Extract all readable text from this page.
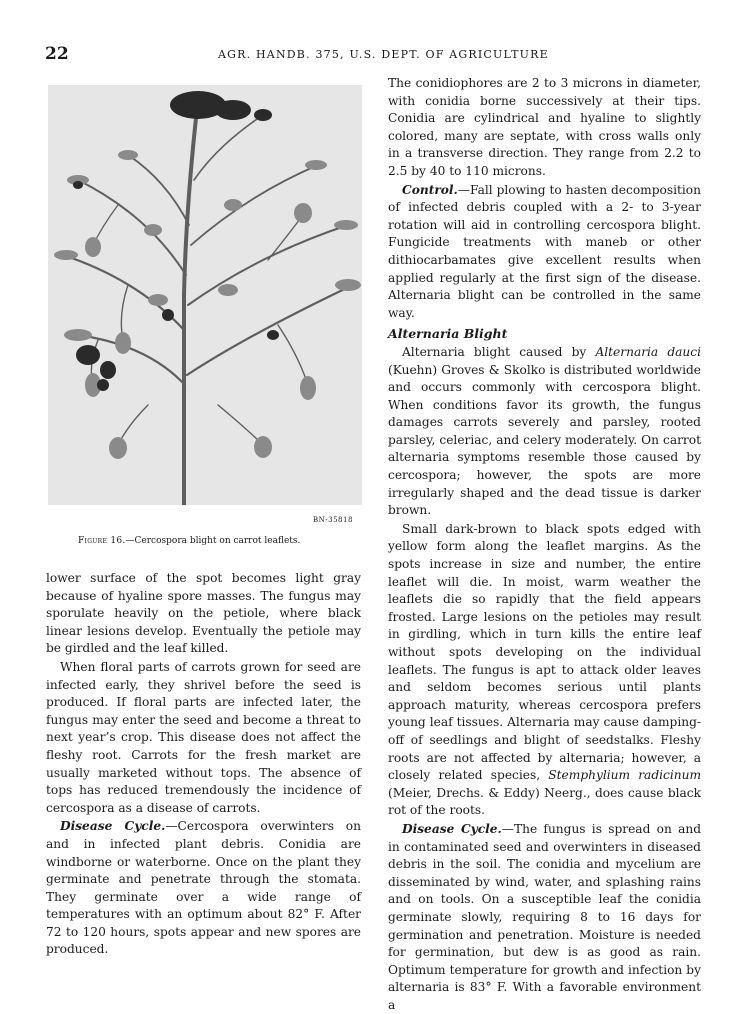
22	AGR. HANDB. 375, U.S. DEPT. OF AGRICULTURE
BN-35818
Figure 16.—Cercospora blight on carrot leaflets.

lower surface of the spot becomes light gray because of hyaline spore masses. The fungus may sporulate heavily on the petiole, where black linear lesions develop. Eventually the petiole may be girdled and the leaf killed.

When floral parts of carrots grown for seed are infected early, they shrivel before the seed is produced. If floral parts are infected later, the fungus may enter the seed and become a threat to next year’s crop. This disease does not affect the fleshy root. Carrots for the fresh market are usually marketed without tops. The absence of tops has reduced tremendously the incidence of cercospora as a disease of carrots.

Disease Cycle.—Cercospora overwinters on and in infected plant debris. Conidia are windborne or waterborne. Once on the plant they germinate and penetrate through the stomata. They germinate over a wide range of temperatures with an optimum about 82° F. After 72 to 120 hours, spots appear and new spores are produced.

The conidiophores are 2 to 3 microns in diameter, with conidia borne successively at their tips. Conidia are cylindrical and hyaline to slightly colored, many are septate, with cross walls only in a transverse direction. They range from 2.2 to 2.5 by 40 to 110 microns.

Control.—Fall plowing to hasten decomposition of infected debris coupled with a 2- to 3-year rotation will aid in controlling cercospora blight. Fungicide treatments with maneb or other dithiocarbamates give excellent results when applied regularly at the first sign of the disease. Alternaria blight can be controlled in the same way.

Alternaria Blight

Alternaria blight caused by Alternaria dauci (Kuehn) Groves & Skolko is distributed worldwide and occurs commonly with cercospora blight. When conditions favor its growth, the fungus damages carrots severely and parsley, rooted parsley, celeriac, and celery moderately. On carrot alternaria symptoms resemble those caused by cercospora; however, the spots are more irregularly shaped and the dead tissue is darker brown.

Small dark-brown to black spots edged with yellow form along the leaflet margins. As the spots increase in size and number, the entire leaflet will die. In moist, warm weather the leaflets die so rapidly that the field appears frosted. Large lesions on the petioles may result in girdling, which in turn kills the entire leaf without spots developing on the individual leaflets. The fungus is apt to attack older leaves and seldom becomes serious until plants approach maturity, whereas cercospora prefers young leaf tissues. Alternaria may cause damping-off of seedlings and blight of seedstalks. Fleshy roots are not affected by alternaria; however, a closely related species, Stemphylium radicinum (Meier, Drechs. & Eddy) Neerg., does cause black rot of the roots.

Disease Cycle.—The fungus is spread on and in contaminated seed and overwinters in diseased debris in the soil. The conidia and mycelium are disseminated by wind, water, and splashing rains and on tools. On a susceptible leaf the conidia germinate slowly, requiring 8 to 16 days for germination and penetration. Moisture is needed for germination, but dew is as good as rain. Optimum temperature for growth and infection by alternaria is 83° F. With a favorable environment a
